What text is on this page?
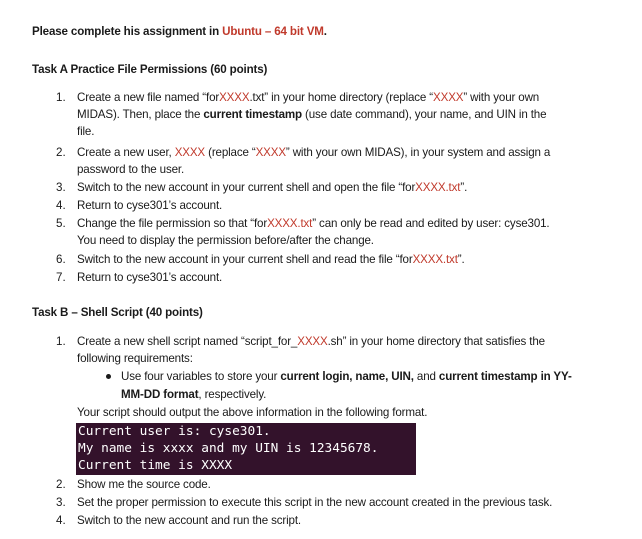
Please complete his assignment in Ubuntu – 64 bit VM.
Task A Practice File Permissions (60 points)
1. Create a new file named “forXXXX.txt” in your home directory (replace “XXXX” with your own
MIDAS). Then, place the current timestamp (use date command), your name, and UIN in the
file.
2. Create a new user, XXXX (replace “XXXX” with your own MIDAS), in your system and assign a
password to the user.
3. Switch to the new account in your current shell and open the file “forXXXX.txt”.
4. Return to cyse301’s account.
5. Change the file permission so that “forXXXX.txt” can only be read and edited by user: cyse301.
You need to display the permission before/after the change.
6. Switch to the new account in your current shell and read the file “forXXXX.txt”.
7. Return to cyse301’s account.
Task B – Shell Script (40 points)
1. Create a new shell script named “script_for_XXXX.sh” in your home directory that satisfies the
following requirements:
Use four variables to store your current login, name, UIN, and current timestamp in YY-
MM-DD format, respectively.
Your script should output the above information in the following format.
Current user is: cyse301.
My name is xxxx and my UIN is 12345678.
Current time is XXXX
2. Show me the source code.
3. Set the proper permission to execute this script in the new account created in the previous task.
4. Switch to the new account and run the script.
